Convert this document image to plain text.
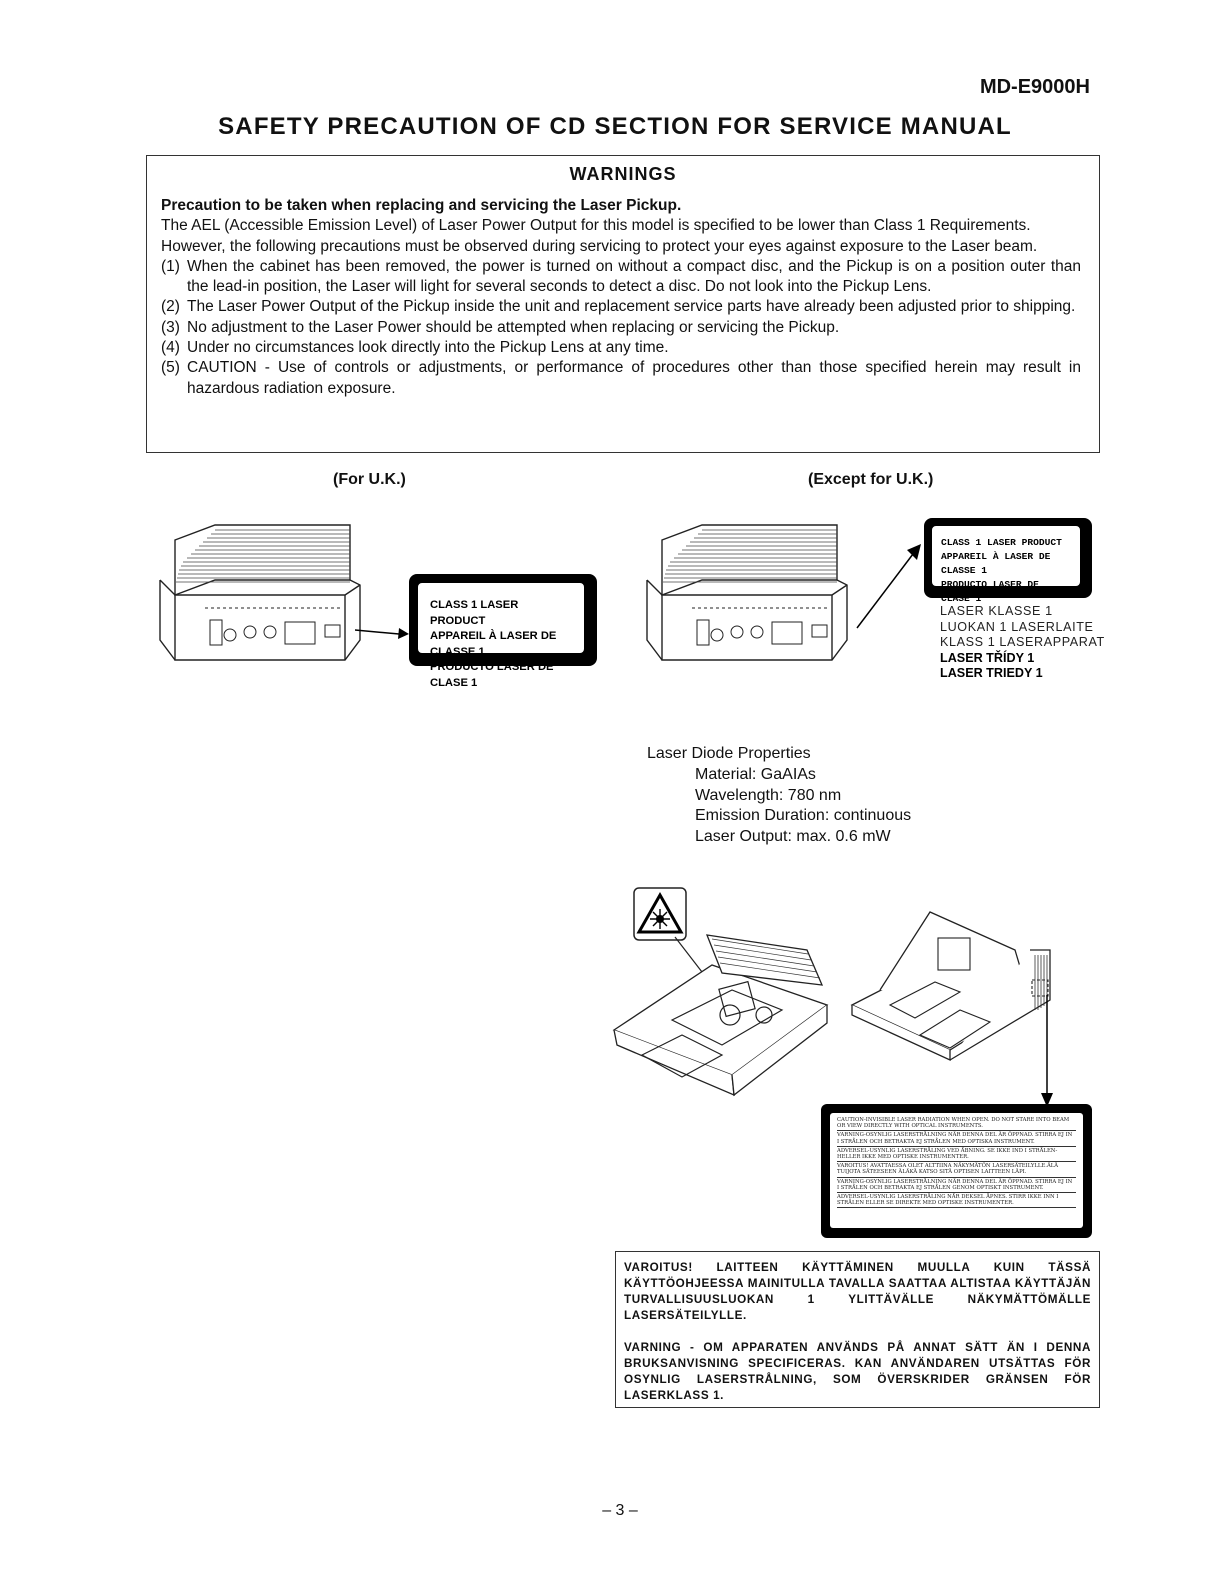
MD-E9000H
SAFETY PRECAUTION OF CD SECTION FOR SERVICE MANUAL
WARNINGS
Precaution to be taken when replacing and servicing the Laser Pickup.

The AEL (Accessible Emission Level) of Laser Power Output for this model is specified to be lower than Class 1 Requirements.

However, the following precautions must be observed during servicing to protect your eyes against exposure to the Laser beam.

(1) When the cabinet has been removed, the power is turned on without a compact disc, and the Pickup is on a position outer than the lead-in position, the Laser will light for several seconds to detect a disc. Do not look into the Pickup Lens.
(2) The Laser Power Output of the Pickup inside the unit and replacement service parts have already been adjusted prior to shipping.
(3) No adjustment to the Laser Power should be attempted when replacing or servicing the Pickup.
(4) Under no circumstances look directly into the Pickup Lens at any time.
(5) CAUTION - Use of controls or adjustments, or performance of procedures other than those specified herein may result in hazardous radiation exposure.
(For U.K.)	(Except for U.K.)
CLASS 1 LASER PRODUCT
APPAREIL À LASER DE CLASSE 1
PRODUCTO LASER DE CLASE 1
CLASS 1 LASER PRODUCT
APPAREIL À LASER DE CLASSE 1
PRODUCTO LASER DE CLASE 1
LASER KLASSE 1
LUOKAN 1 LASERLAITE
KLASS 1 LASERAPPARAT
LASER TŘÍDY 1
LASER TRIEDY 1
Laser Diode Properties
Material: GaAIAs
Wavelength: 780 nm
Emission Duration: continuous
Laser Output: max. 0.6 mW
CAUTION-INVISIBLE LASER RADIATION WHEN OPEN. DO NOT STARE INTO BEAM OR VIEW DIRECTLY WITH OPTICAL INSTRUMENTS.
VARNING-OSYNLIG LASERSTRÅLNING NÄR DENNA DEL ÄR ÖPPNAD. STIRRA EJ IN I STRÅLEN OCH BETRAKTA EJ STRÅLEN MED OPTISKA INSTRUMENT.
ADVERSEL-USYNLIG LASERSTRÅLING VED ÅBNING. SE IKKE IND I STRÅLEN-HELLER IKKE MED OPTISKE INSTRUMENTER.
VAROITUS! AVATTAESSA OLET ALTTIINA NÄKYMÄTÖN LASERSÄTEILYLLE.ÄLÄ TUIJOTA SÄTEESEEN ÄLÄKÄ KATSO SITÄ OPTISEN LAITTEEN LÄPI.
VARNING-OSYNLIG LASERSTRÅLNING NÄR DENNA DEL ÄR ÖPPNAD. STIRRA EJ IN I STRÅLEN OCH BETRAKTA EJ STRÅLEN GENOM OPTISKT INSTRUMENT.
ADVERSEL-USYNLIG LASERSTRÅLING NÅR DEKSEL ÅPNES. STIRR IKKE INN I STRÅLEN ELLER SE DIREKTE MED OPTISKE INSTRUMENTER.

VAROITUS! LAITTEEN KÄYTTÄMINEN MUULLA KUIN TÄSSÄ KÄYTTÖOHJEESSA MAINITULLA TAVALLA SAATTAA ALTISTAA KÄYTTÄJÄN TURVALLISUUSLUOKAN 1 YLITTÄVÄLLE NÄKYMÄTTÖMÄLLE LASERSÄTEILYLLE.

VARNING - OM APPARATEN ANVÄNDS PÅ ANNAT SÄTT ÄN I DENNA BRUKSANVISNING SPECIFICERAS. KAN ANVÄNDAREN UTSÄTTAS FÖR OSYNLIG LASERSTRÅLNING, SOM ÖVERSKRIDER GRÄNSEN FÖR LASERKLASS 1.

– 3 –
